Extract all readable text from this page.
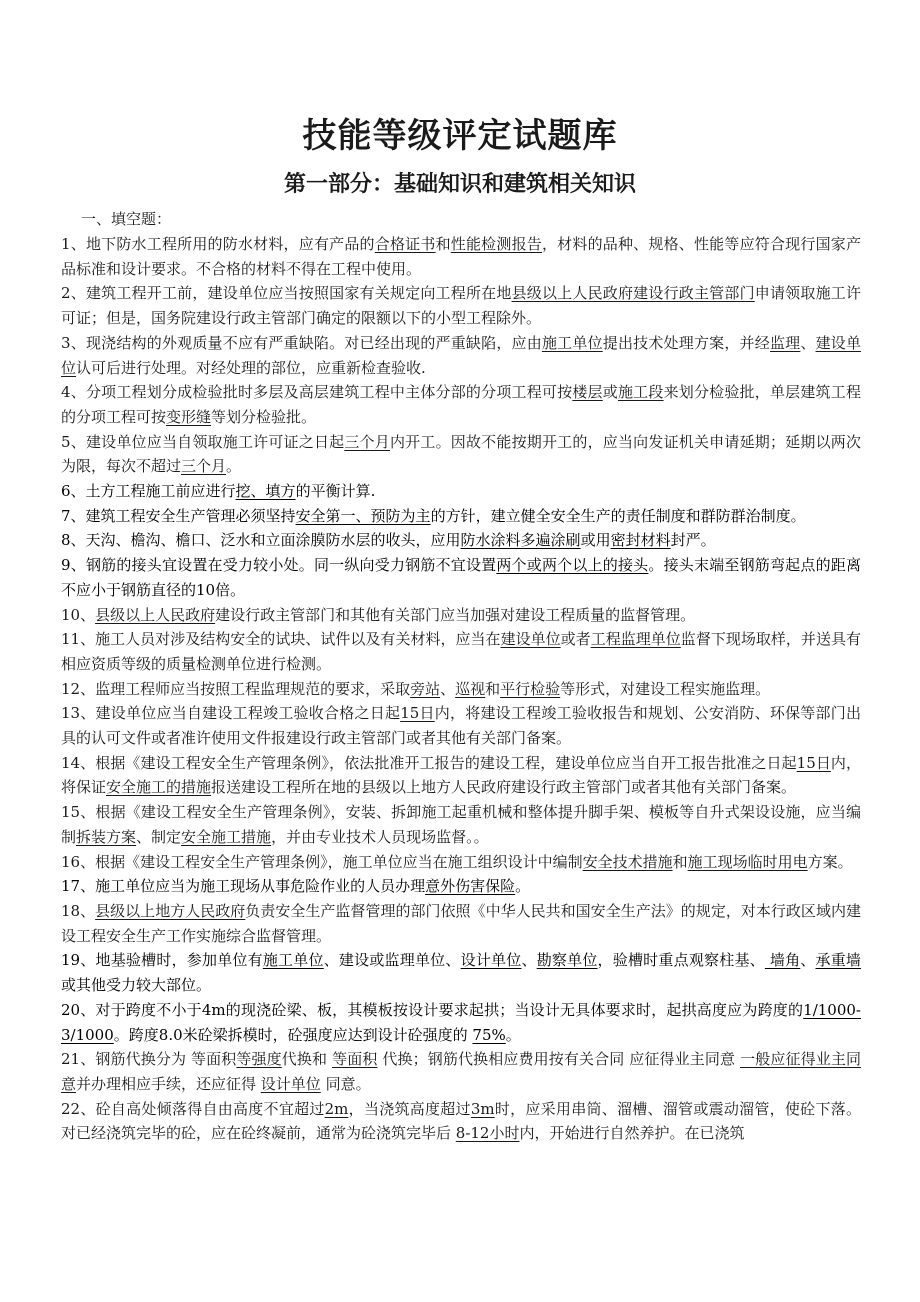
技能等级评定试题库
第一部分：基础知识和建筑相关知识
一、填空题：

1、地下防水工程所用的防水材料，应有产品的合格证书和性能检测报告，材料的品种、规格、性能等应符合现行国家产品标准和设计要求。不合格的材料不得在工程中使用。

2、建筑工程开工前，建设单位应当按照国家有关规定向工程所在地县级以上人民政府建设行政主管部门申请领取施工许可证；但是，国务院建设行政主管部门确定的限额以下的小型工程除外。

3、现浇结构的外观质量不应有严重缺陷。对已经出现的严重缺陷，应由施工单位提出技术处理方案，并经监理、建设单位认可后进行处理。对经处理的部位，应重新检查验收.

4、分项工程划分成检验批时多层及高层建筑工程中主体分部的分项工程可按楼层或施工段来划分检验批，单层建筑工程的分项工程可按变形缝等划分检验批。

5、建设单位应当自领取施工许可证之日起三个月内开工。因故不能按期开工的，应当向发证机关申请延期；延期以两次为限，每次不超过三个月。

6、土方工程施工前应进行挖、填方的平衡计算.

7、建筑工程安全生产管理必须坚持安全第一、预防为主的方针，建立健全安全生产的责任制度和群防群治制度。

8、天沟、檐沟、檐口、泛水和立面涂膜防水层的收头，应用防水涂料多遍涂刷或用密封材料封严。

9、钢筋的接头宜设置在受力较小处。同一纵向受力钢筋不宜设置两个或两个以上的接头。接头末端至钢筋弯起点的距离不应小于钢筋直径的10倍。

10、县级以上人民政府建设行政主管部门和其他有关部门应当加强对建设工程质量的监督管理。

11、施工人员对涉及结构安全的试块、试件以及有关材料，应当在建设单位或者工程监理单位监督下现场取样，并送具有相应资质等级的质量检测单位进行检测。

12、监理工程师应当按照工程监理规范的要求，采取旁站、巡视和平行检验等形式，对建设工程实施监理。

13、建设单位应当自建设工程竣工验收合格之日起15日内，将建设工程竣工验收报告和规划、公安消防、环保等部门出具的认可文件或者准许使用文件报建设行政主管部门或者其他有关部门备案。

14、根据《建设工程安全生产管理条例》，依法批准开工报告的建设工程，建设单位应当自开工报告批准之日起15日内，将保证安全施工的措施报送建设工程所在地的县级以上地方人民政府建设行政主管部门或者其他有关部门备案。

15、根据《建设工程安全生产管理条例》，安装、拆卸施工起重机械和整体提升脚手架、模板等自升式架设设施，应当编制拆装方案、制定安全施工措施，并由专业技术人员现场监督。。

16、根据《建设工程安全生产管理条例》，施工单位应当在施工组织设计中编制安全技术措施和施工现场临时用电方案。

17、施工单位应当为施工现场从事危险作业的人员办理意外伤害保险。

18、县级以上地方人民政府负责安全生产监督管理的部门依照《中华人民共和国安全生产法》的规定，对本行政区域内建设工程安全生产工作实施综合监督管理。

19、地基验槽时，参加单位有施工单位、建设或监理单位、设计单位、勘察单位，验槽时重点观察柱基、 墙角、承重墙 或其他受力较大部位。

20、对于跨度不小于4m的现浇砼梁、板，其模板按设计要求起拱；当设计无具体要求时，起拱高度应为跨度的1/1000-3/1000。跨度8.0米砼梁拆模时，砼强度应达到设计砼强度的 75%。

21、钢筋代换分为 等面积等强度代换和 等面积 代换；钢筋代换相应费用按有关合同 应征得业主同意 一般应征得业主同意并办理相应手续，还应征得 设计单位 同意。

22、砼自高处倾落得自由高度不宜超过2m，当浇筑高度超过3m时，应采用串筒、溜槽、溜管或震动溜管，使砼下落。对已经浇筑完毕的砼，应在砼终凝前，通常为砼浇筑完毕后 8-12小时内，开始进行自然养护。在已浇筑
